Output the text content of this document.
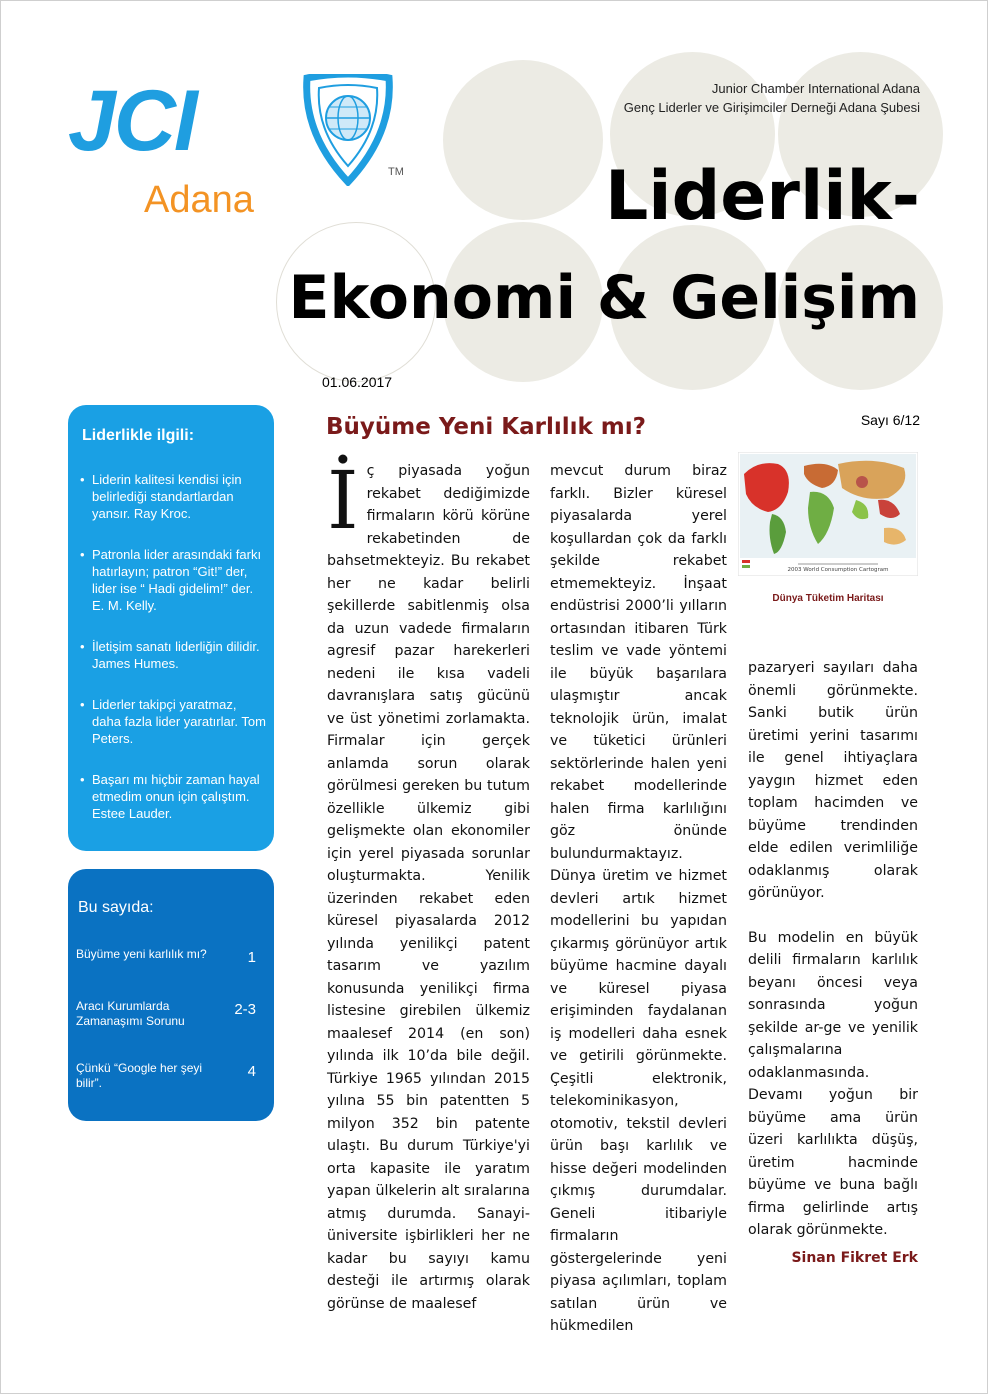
JCI
Adana
TM
Junior Chamber International Adana
Genç Liderler ve Girişimciler Derneği Adana Şubesi
Liderlik-
Ekonomi & Gelişim
01.06.2017
Sayı 6/12
Liderlikle ilgili:
• Liderin kalitesi kendisi için belirlediği standartlardan yansır. Ray Kroc.
• Patronla lider arasındaki farkı hatırlayın; patron “Git!” der, lider ise “ Hadi gidelim!” der. E. M. Kelly.
• İletişim sanatı liderliğin dilidir. James Humes.
• Liderler takipçi yaratmaz, daha fazla lider yaratırlar. Tom Peters.
• Başarı mı hiçbir zaman hayal etmedim onun için çalıştım. Estee Lauder.
Bu sayıda:
Büyüme yeni karlılık mı?	1
Aracı Kurumlarda Zamanaşımı Sorunu
2-3
Çünkü “Google her şeyi bilir”.
4
Büyüme Yeni Karlılık mı?

İç piyasada yoğun rekabet dediğimizde firmaların körü körüne rekabetinden de bahsetmekteyiz. Bu rekabet her ne kadar belirli şekillerde sabitlenmiş olsa da uzun vadede firmaların agresif pazar harekerleri nedeni ile kısa vadeli davranışlara satış gücünü ve üst yönetimi zorlamakta. Firmalar için gerçek anlamda sorun olarak görülmesi gereken bu tutum özellikle ülkemiz gibi gelişmekte olan ekonomiler için yerel piyasada sorunlar oluşturmakta. Yenilik üzerinden rekabet eden küresel piyasalarda 2012 yılında yenilikçi patent tasarım ve yazılım konusunda yenilikçi firma listesine girebilen ülkemiz maalesef 2014 (en son) yılında ilk 10’da bile değil. Türkiye 1965 yılından 2015 yılına 55 bin patentten 5 milyon 352 bin patente ulaştı. Bu durum Türkiye'yi orta kapasite ile yaratım yapan ülkelerin alt sıralarına atmış durumda. Sanayi-üniversite işbirlikleri her ne kadar bu sayıyı kamu desteği ile artırmış olarak görünse de maalesef

mevcut durum biraz farklı. Bizler küresel piyasalarda yerel koşullardan çok da farklı şekilde rekabet etmemekteyiz. İnşaat endüstrisi 2000’li yılların ortasından itibaren Türk teslim ve vade yöntemi ile büyük başarılara ulaşmıştır ancak teknolojik ürün, imalat ve tüketici ürünleri sektörlerinde halen yeni rekabet modellerinde halen firma karlılığını göz önünde bulundurmaktayız. Dünya üretim ve hizmet devleri artık hizmet modellerini bu yapıdan çıkarmış görünüyor artık büyüme hacmine dayalı ve küresel piyasa erişiminden faydalanan iş modelleri daha esnek ve getirili görünmekte. Çeşitli elektronik, telekominikasyon, otomotiv, tekstil devleri ürün başı karlılık ve hisse değeri modelinden çıkmış durumdalar. Geneli itibariyle firmaların göstergelerinde yeni piyasa açılımları, toplam satılan ürün ve hükmedilen

pazaryeri sayıları daha önemli görünmekte. Sanki butik ürün üretimi yerini tasarımı ile genel ihtiyaçlara yaygın hizmet eden toplam hacimden ve büyüme trendinden elde edilen verimliliğe odaklanmış olarak görünüyor.

Bu modelin en büyük delili firmaların karlılık beyanı öncesi veya sonrasında yoğun şekilde ar-ge ve yenilik çalışmalarına odaklanmasında. Devamı yoğun bir büyüme ama ürün üzeri karlılıkta düşüş, üretim hacminde büyüme ve buna bağlı firma gelirlinde artış olarak görünmekte.

2003 World Consumption Cartogram
Dünya Tüketim Haritası
Sinan Fikret Erk
